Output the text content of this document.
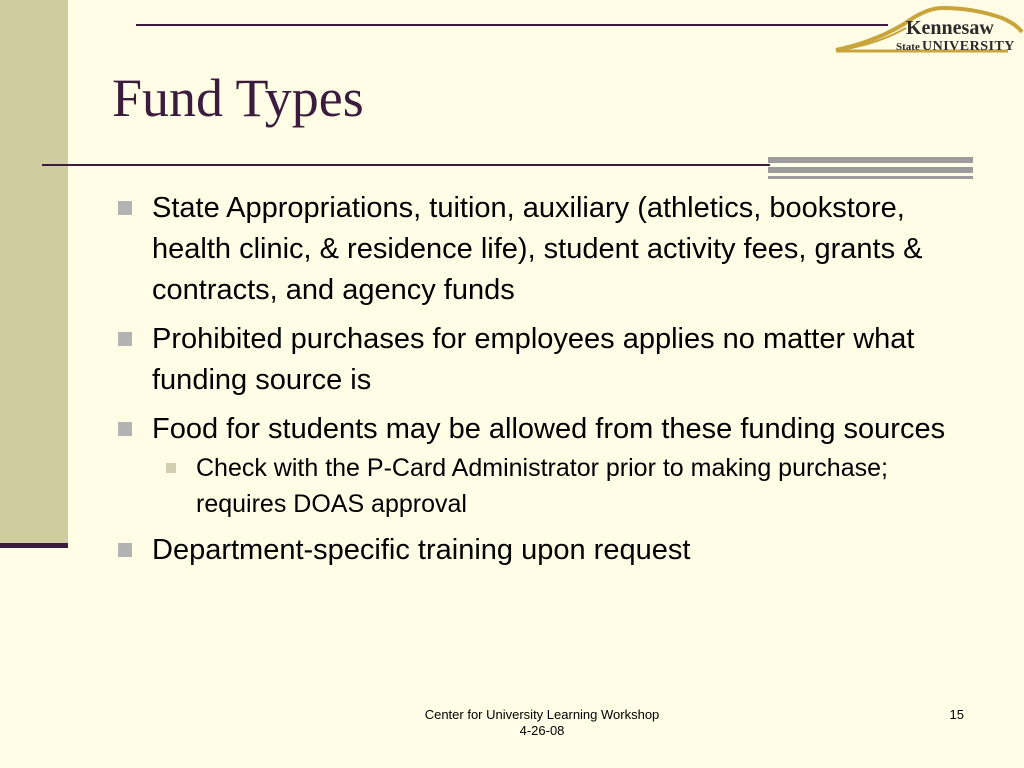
Kennesaw
State UNIVERSITY
Fund Types
State Appropriations, tuition, auxiliary (athletics, bookstore, health clinic, & residence life), student activity fees, grants & contracts, and agency funds
Prohibited purchases for employees applies no matter what funding source is
Food for students may be allowed from these funding sources
Check with the P-Card Administrator prior to making purchase; requires DOAS approval
Department-specific training upon request
Center for University Learning Workshop
4-26-08
15
